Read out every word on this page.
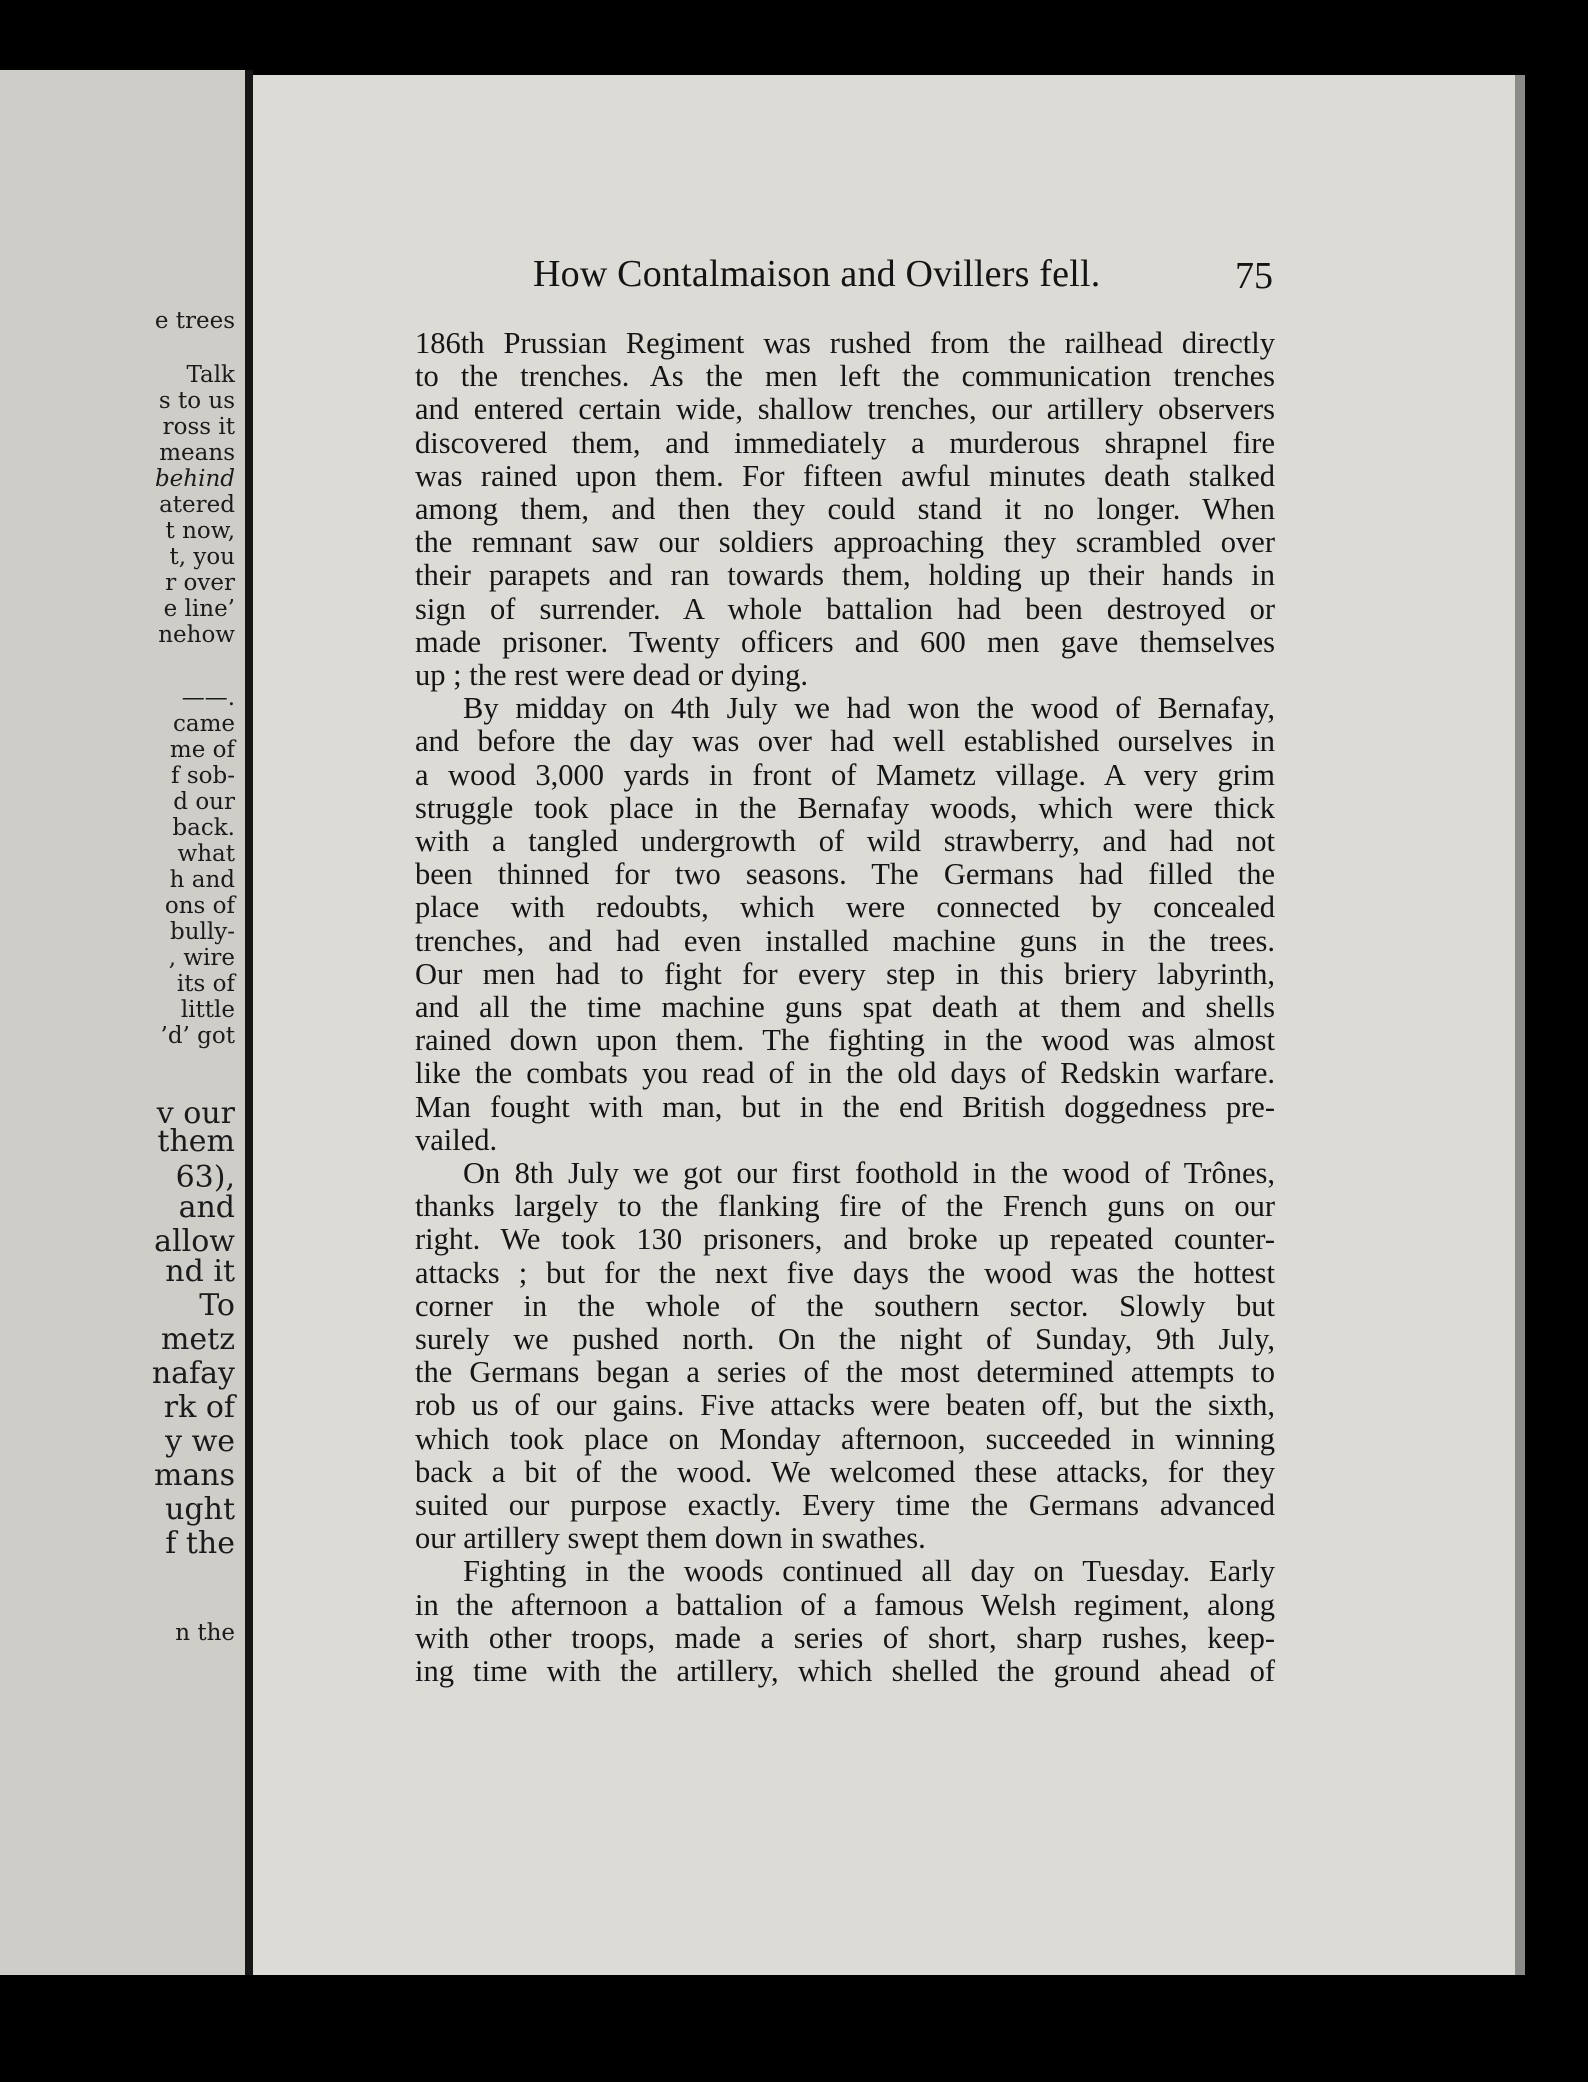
e trees
Talk
s to us
ross it
means
behind
atered
t now,
t, you
r over
e line’
nehow
——.
came
me of
f sob-
d our
back.
what
h and
ons of
bully-
, wire
its of
little
’d’ got
v our
them
63),
and
allow
nd it
To
metz
nafay
rk of
y we
mans
ught
f the
n the
How Contalmaison and Ovillers fell.	75
186th Prussian Regiment was rushed from the railhead directly
to the trenches. As the men left the communication trenches
and entered certain wide, shallow trenches, our artillery observers
discovered them, and immediately a murderous shrapnel fire
was rained upon them. For fifteen awful minutes death stalked
among them, and then they could stand it no longer. When
the remnant saw our soldiers approaching they scrambled over
their parapets and ran towards them, holding up their hands in
sign of surrender. A whole battalion had been destroyed or
made prisoner. Twenty officers and 600 men gave themselves
up ; the rest were dead or dying.
By midday on 4th July we had won the wood of Bernafay,
and before the day was over had well established ourselves in
a wood 3,000 yards in front of Mametz village. A very grim
struggle took place in the Bernafay woods, which were thick
with a tangled undergrowth of wild strawberry, and had not
been thinned for two seasons. The Germans had filled the
place with redoubts, which were connected by concealed
trenches, and had even installed machine guns in the trees.
Our men had to fight for every step in this briery labyrinth,
and all the time machine guns spat death at them and shells
rained down upon them. The fighting in the wood was almost
like the combats you read of in the old days of Redskin warfare.
Man fought with man, but in the end British doggedness pre-
vailed.
On 8th July we got our first foothold in the wood of Trônes,
thanks largely to the flanking fire of the French guns on our
right. We took 130 prisoners, and broke up repeated counter-
attacks ; but for the next five days the wood was the hottest
corner in the whole of the southern sector. Slowly but
surely we pushed north. On the night of Sunday, 9th July,
the Germans began a series of the most determined attempts to
rob us of our gains. Five attacks were beaten off, but the sixth,
which took place on Monday afternoon, succeeded in winning
back a bit of the wood. We welcomed these attacks, for they
suited our purpose exactly. Every time the Germans advanced
our artillery swept them down in swathes.
Fighting in the woods continued all day on Tuesday. Early
in the afternoon a battalion of a famous Welsh regiment, along
with other troops, made a series of short, sharp rushes, keep-
ing time with the artillery, which shelled the ground ahead of
